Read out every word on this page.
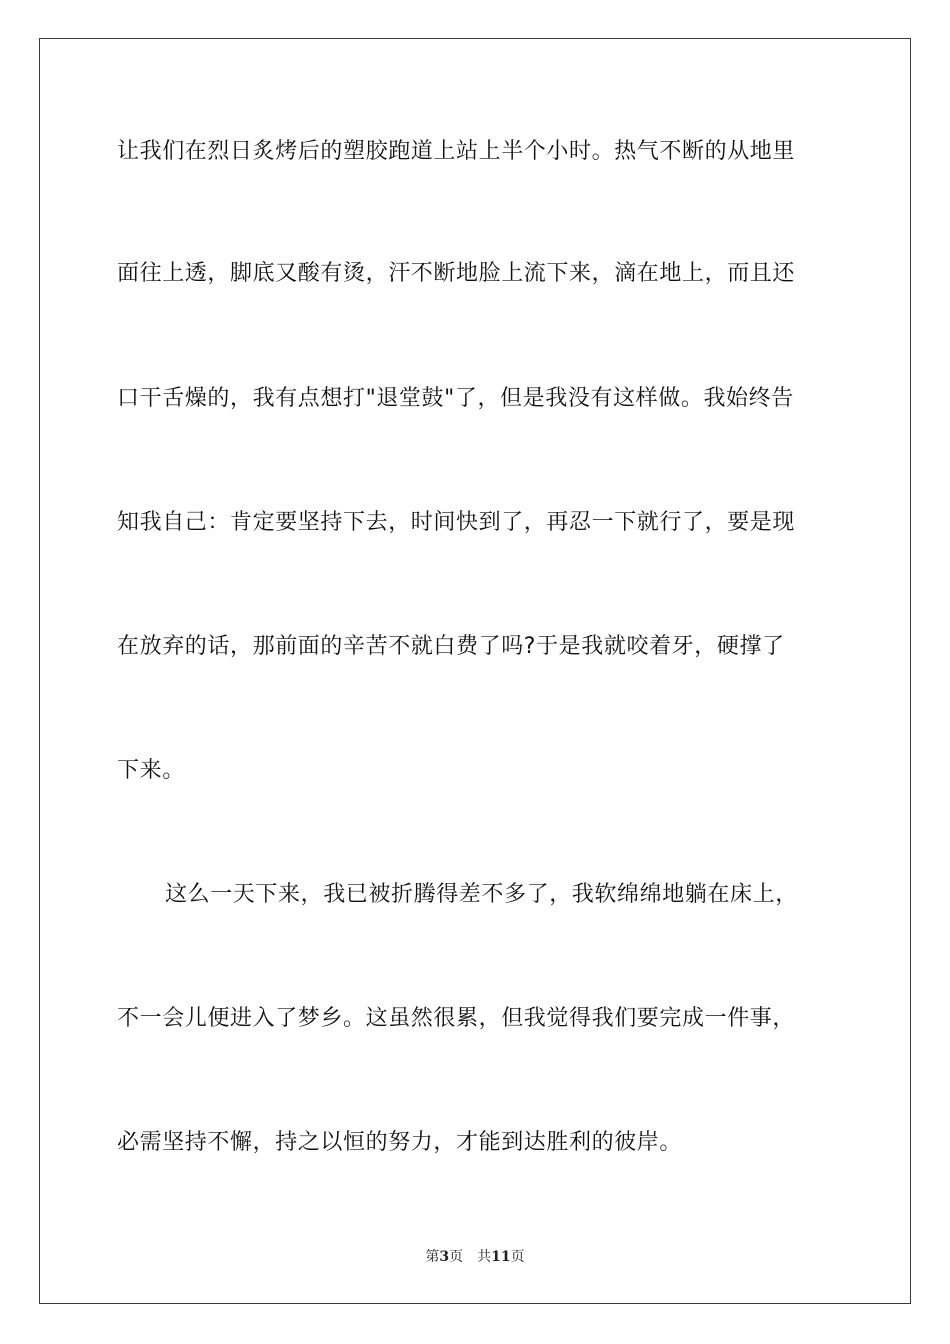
让我们在烈日炙烤后的塑胶跑道上站上半个小时。热气不断的从地里
面往上透，脚底又酸有烫，汗不断地脸上流下来，滴在地上，而且还
口干舌燥的，我有点想打"退堂鼓"了，但是我没有这样做。我始终告
知我自己：肯定要坚持下去，时间快到了，再忍一下就行了，要是现
在放弃的话，那前面的辛苦不就白费了吗?于是我就咬着牙，硬撑了
下来。
这么一天下来，我已被折腾得差不多了，我软绵绵地躺在床上，
不一会儿便进入了梦乡。这虽然很累，但我觉得我们要完成一件事，
必需坚持不懈，持之以恒的努力，才能到达胜利的彼岸。
第3页 共11页
